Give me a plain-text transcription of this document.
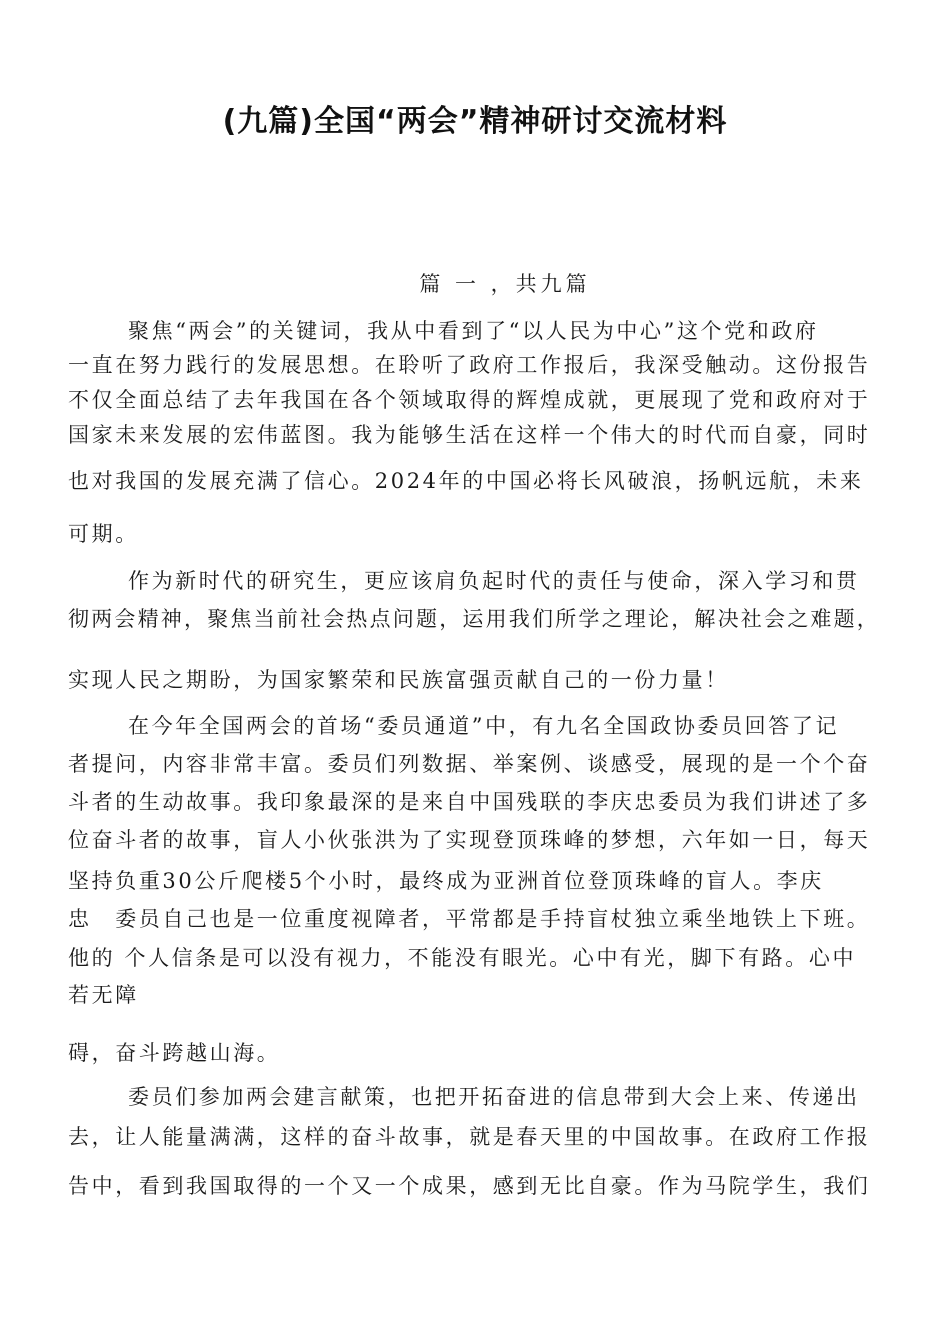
(九篇)全国“两会”精神研讨交流材料
篇 一 ，共九篇
聚焦“两会”的关键词，我从中看到了“以人民为中心”这个党和政府
一直在努力践行的发展思想。在聆听了政府工作报后，我深受触动。这份报告
不仅全面总结了去年我国在各个领域取得的辉煌成就，更展现了党和政府对于
国家未来发展的宏伟蓝图。我为能够生活在这样一个伟大的时代而自豪，同时
也对我国的发展充满了信心。2024年的中国必将长风破浪，扬帆远航，未来
可期。
作为新时代的研究生，更应该肩负起时代的责任与使命，深入学习和贯
彻两会精神，聚焦当前社会热点问题，运用我们所学之理论，解决社会之难题，
实现人民之期盼，为国家繁荣和民族富强贡献自己的一份力量！
在今年全国两会的首场“委员通道”中，有九名全国政协委员回答了记
者提问，内容非常丰富。委员们列数据、举案例、谈感受，展现的是一个个奋
斗者的生动故事。我印象最深的是来自中国残联的李庆忠委员为我们讲述了多
位奋斗者的故事，盲人小伙张洪为了实现登顶珠峰的梦想，六年如一日，每天
坚持负重30公斤爬楼5个小时，最终成为亚洲首位登顶珠峰的盲人。李庆
忠　委员自己也是一位重度视障者，平常都是手持盲杖独立乘坐地铁上下班。
他的 个人信条是可以没有视力，不能没有眼光。心中有光，脚下有路。心中
若无障
碍，奋斗跨越山海。
委员们参加两会建言献策，也把开拓奋进的信息带到大会上来、传递出
去，让人能量满满，这样的奋斗故事，就是春天里的中国故事。在政府工作报
告中，看到我国取得的一个又一个成果，感到无比自豪。作为马院学生，我们
